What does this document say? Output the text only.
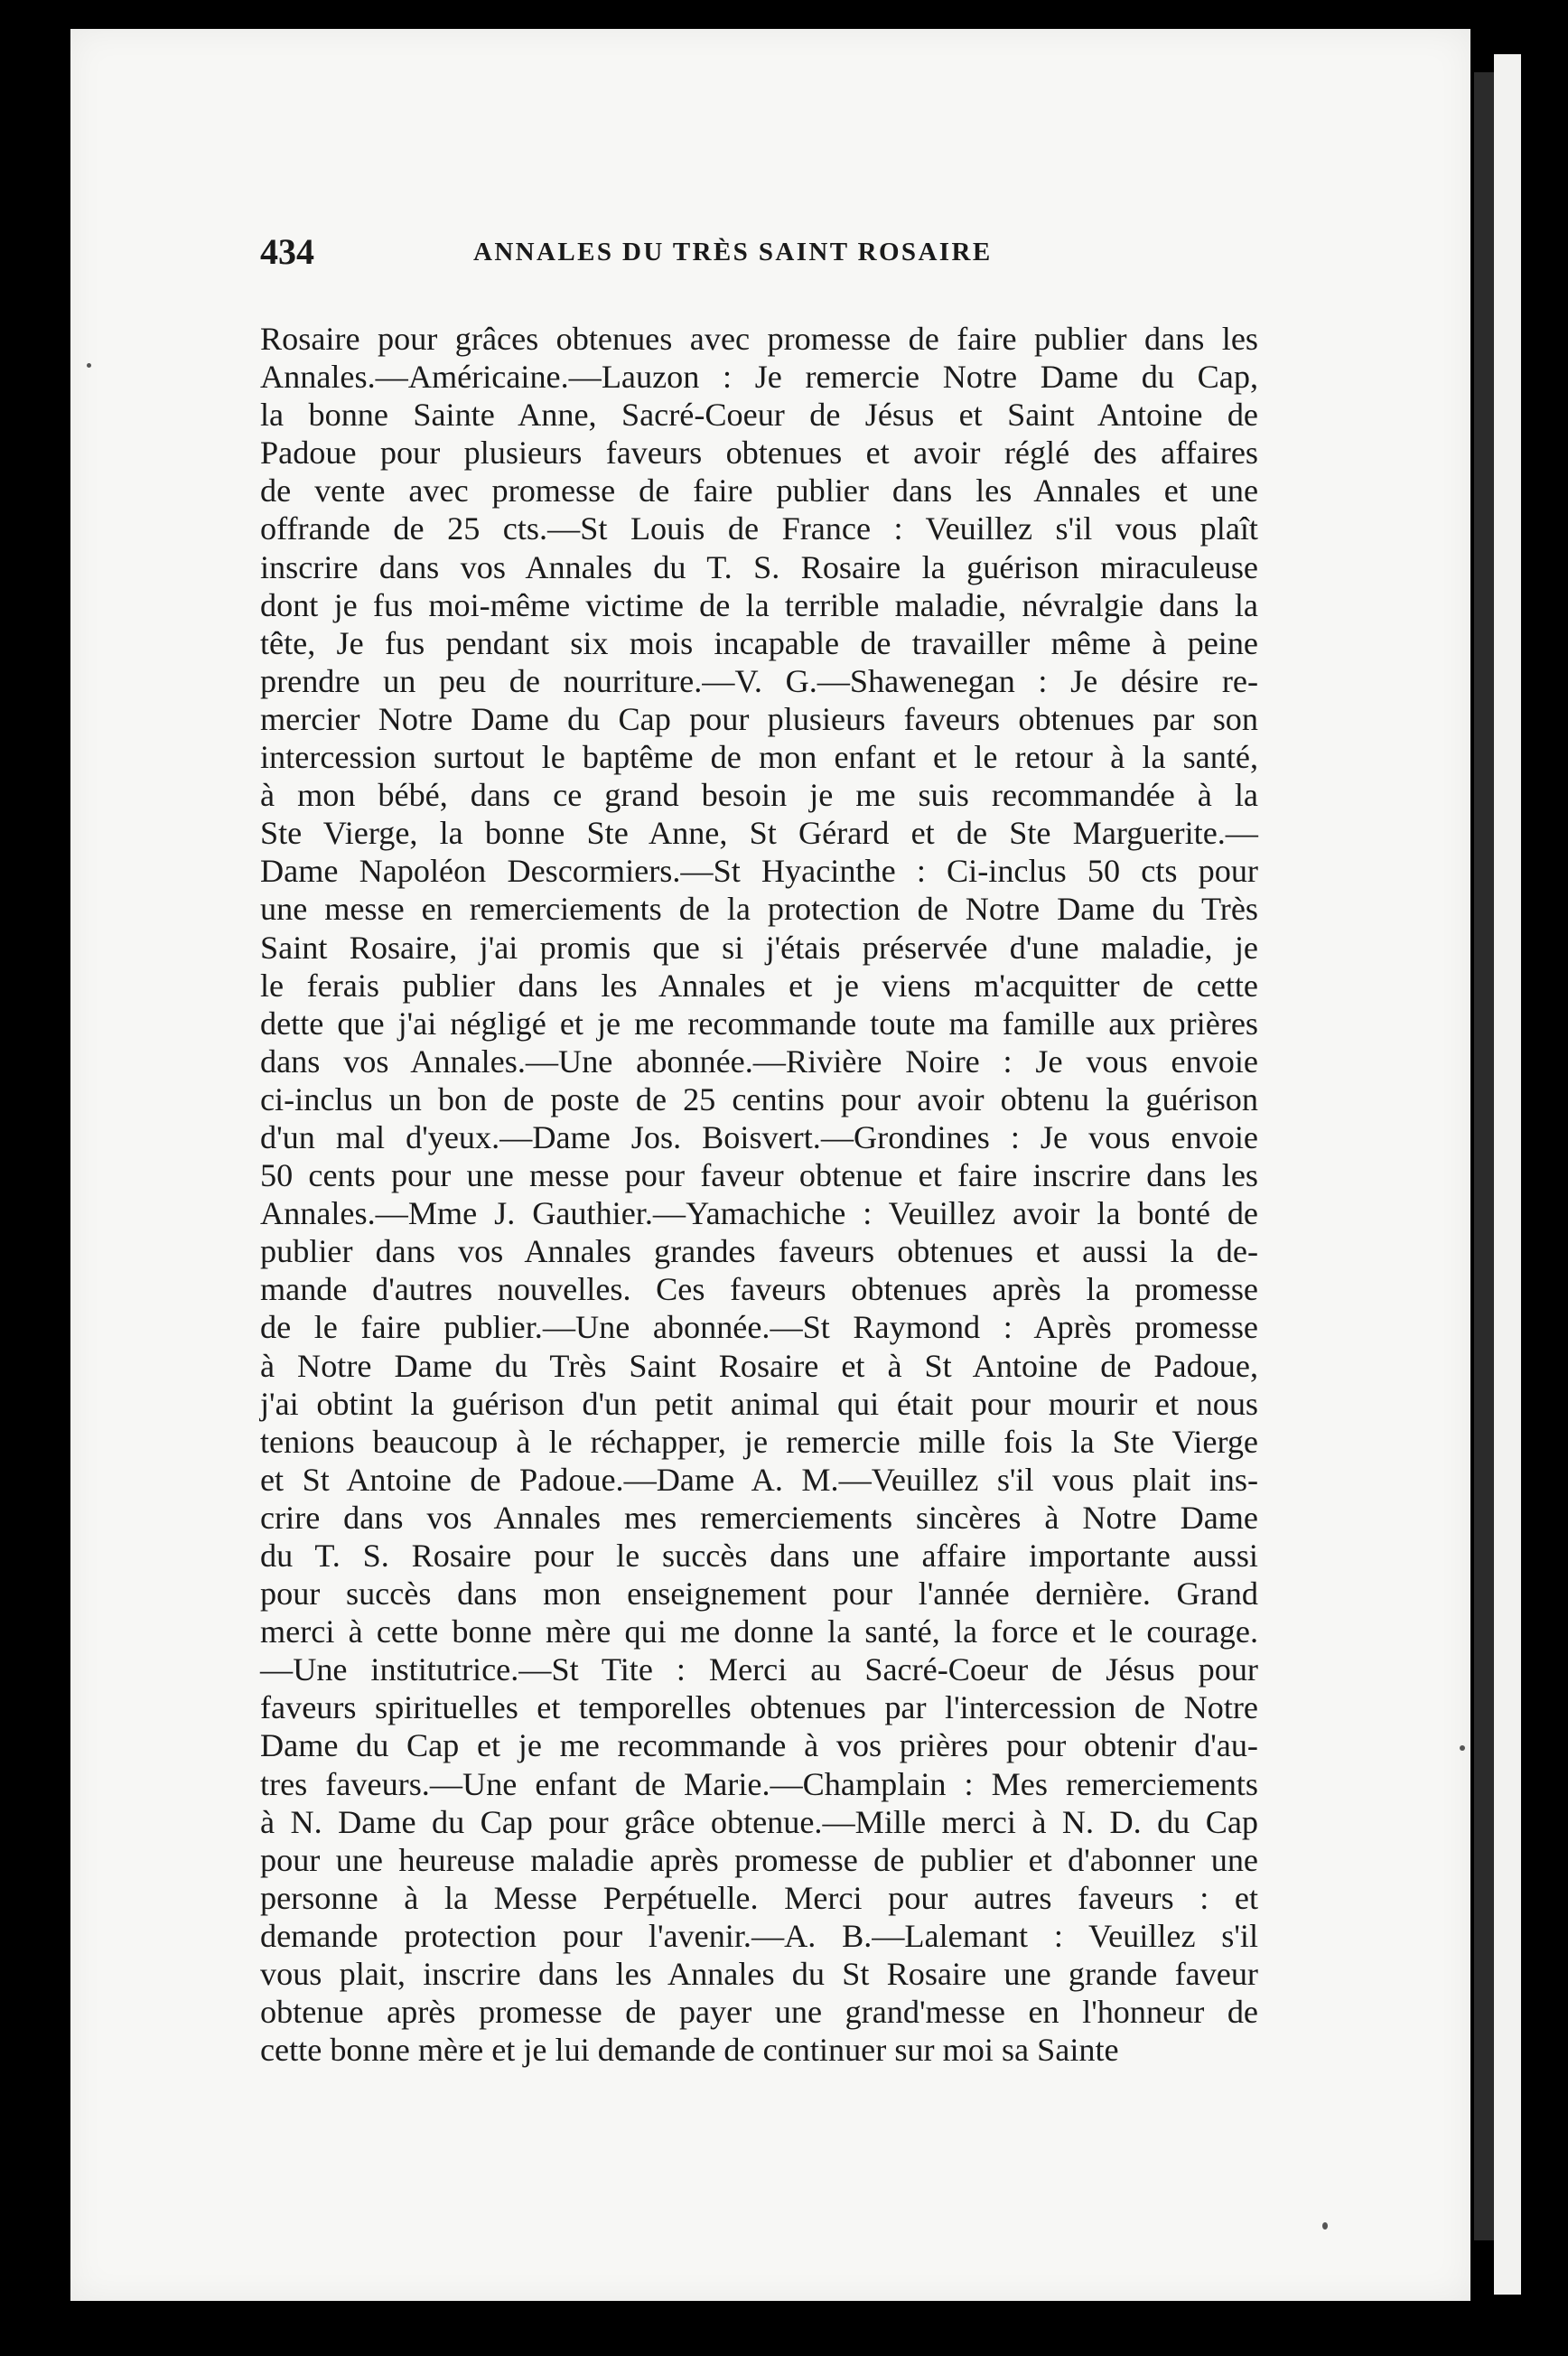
434	ANNALES DU TRÈS SAINT ROSAIRE
Rosaire pour grâces obtenues avec promesse de faire publier dans les
Annales.—Américaine.—Lauzon : Je remercie Notre Dame du Cap,
la bonne Sainte Anne, Sacré-Coeur de Jésus et Saint Antoine de
Padoue pour plusieurs faveurs obtenues et avoir réglé des affaires
de vente avec promesse de faire publier dans les Annales et une
offrande de 25 cts.—St Louis de France : Veuillez s'il vous plaît
inscrire dans vos Annales du T. S. Rosaire la guérison miraculeuse
dont je fus moi-même victime de la terrible maladie, névralgie dans la
tête, Je fus pendant six mois incapable de travailler même à peine
prendre un peu de nourriture.—V. G.—Shawenegan : Je désire re-
mercier Notre Dame du Cap pour plusieurs faveurs obtenues par son
intercession surtout le baptême de mon enfant et le retour à la santé,
à mon bébé, dans ce grand besoin je me suis recommandée à la
Ste Vierge, la bonne Ste Anne, St Gérard et de Ste Marguerite.—
Dame Napoléon Descormiers.—St Hyacinthe : Ci-inclus 50 cts pour
une messe en remerciements de la protection de Notre Dame du Très
Saint Rosaire, j'ai promis que si j'étais préservée d'une maladie, je
le ferais publier dans les Annales et je viens m'acquitter de cette
dette que j'ai négligé et je me recommande toute ma famille aux prières
dans vos Annales.—Une abonnée.—Rivière Noire : Je vous envoie
ci-inclus un bon de poste de 25 centins pour avoir obtenu la guérison
d'un mal d'yeux.—Dame Jos. Boisvert.—Grondines : Je vous envoie
50 cents pour une messe pour faveur obtenue et faire inscrire dans les
Annales.—Mme J. Gauthier.—Yamachiche : Veuillez avoir la bonté de
publier dans vos Annales grandes faveurs obtenues et aussi la de-
mande d'autres nouvelles. Ces faveurs obtenues après la promesse
de le faire publier.—Une abonnée.—St Raymond : Après promesse
à Notre Dame du Très Saint Rosaire et à St Antoine de Padoue,
j'ai obtint la guérison d'un petit animal qui était pour mourir et nous
tenions beaucoup à le réchapper, je remercie mille fois la Ste Vierge
et St Antoine de Padoue.—Dame A. M.—Veuillez s'il vous plait ins-
crire dans vos Annales mes remerciements sincères à Notre Dame
du T. S. Rosaire pour le succès dans une affaire importante aussi
pour succès dans mon enseignement pour l'année dernière. Grand
merci à cette bonne mère qui me donne la santé, la force et le courage.
—Une institutrice.—St Tite : Merci au Sacré-Coeur de Jésus pour
faveurs spirituelles et temporelles obtenues par l'intercession de Notre
Dame du Cap et je me recommande à vos prières pour obtenir d'au-
tres faveurs.—Une enfant de Marie.—Champlain : Mes remerciements
à N. Dame du Cap pour grâce obtenue.—Mille merci à N. D. du Cap
pour une heureuse maladie après promesse de publier et d'abonner une
personne à la Messe Perpétuelle. Merci pour autres faveurs : et
demande protection pour l'avenir.—A. B.—Lalemant : Veuillez s'il
vous plait, inscrire dans les Annales du St Rosaire une grande faveur
obtenue après promesse de payer une grand'messe en l'honneur de
cette bonne mère et je lui demande de continuer sur moi sa Sainte
